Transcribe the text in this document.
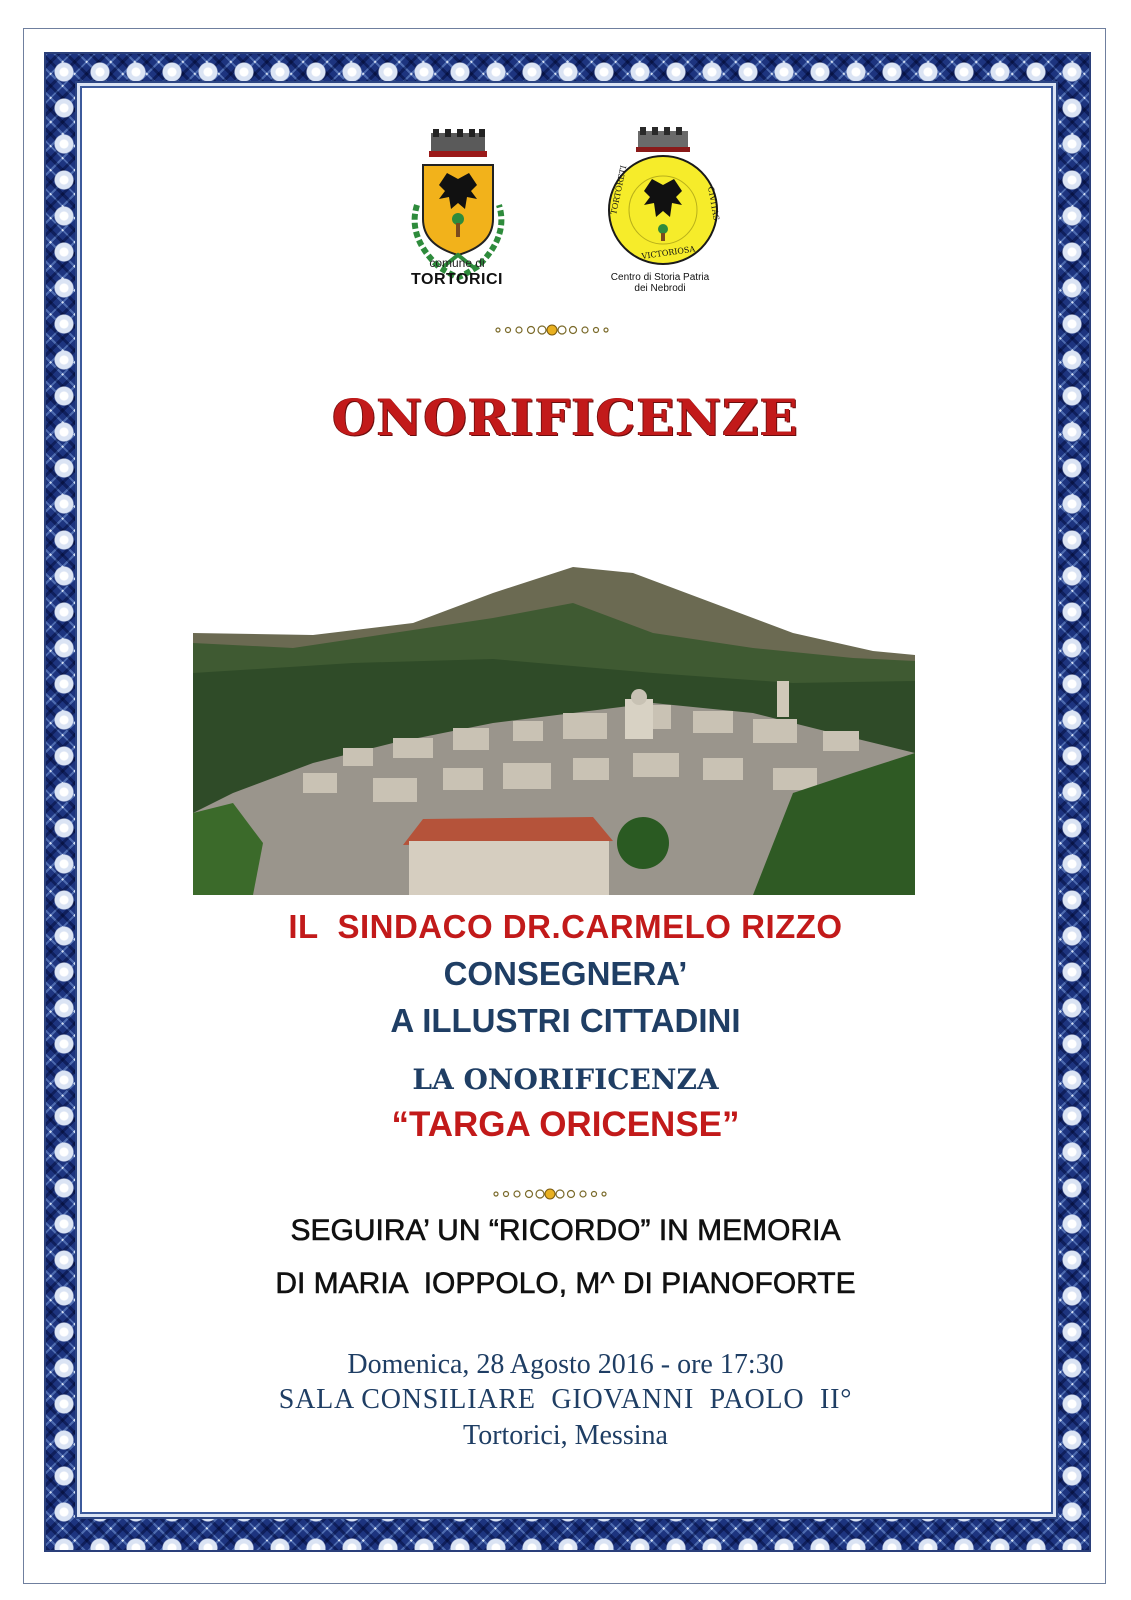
comune di
TORTORICI
TORTORETI
VICTORIOSA
CIVITAS
Centro di Storia Patria
dei Nebrodi
ONORIFICENZE
IL  SINDACO DR.CARMELO RIZZO
CONSEGNERA’
A ILLUSTRI CITTADINI
LA ONORIFICENZA
“TARGA ORICENSE”
SEGUIRA’ UN “RICORDO” IN MEMORIA
DI MARIA  IOPPOLO, M^ DI PIANOFORTE
Domenica, 28 Agosto 2016 - ore 17:30
SALA CONSILIARE  GIOVANNI  PAOLO  II°
Tortorici, Messina
